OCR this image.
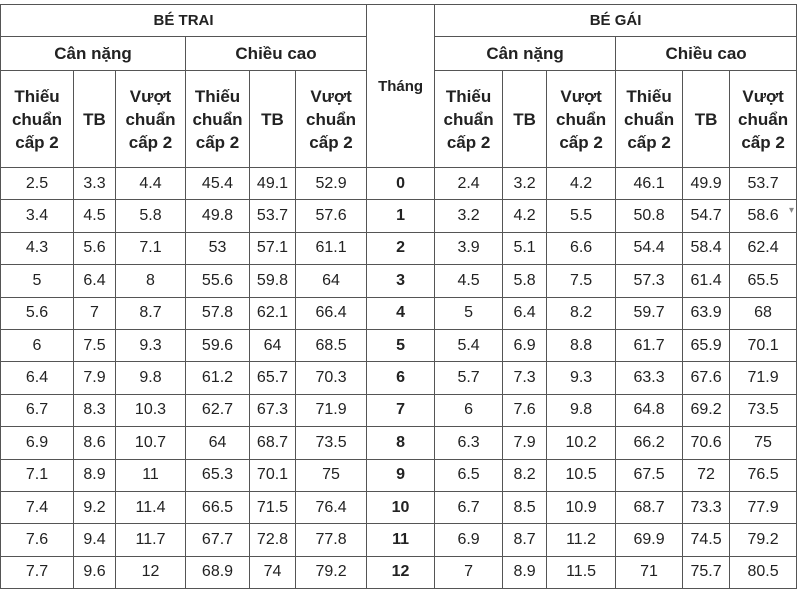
BÉ TRAI						Tháng	BÉ GÁI					
Cân nặng			Chiều cao				Cân nặng			Chiều cao		

Thiếu
chuẩn
cấp 2	TB	Vượt
chuẩn
cấp 2	Thiếu
chuẩn
cấp 2	TB	Vượt
chuẩn
cấp 2		Thiếu
chuẩn
cấp 2	TB	Vượt
chuẩn
cấp 2	Thiếu
chuẩn
cấp 2	TB	Vượt
chuẩn
cấp 2

2.5	3.3	4.4	45.4	49.1	52.9	0	2.4	3.2	4.2	46.1	49.9	53.7
3.4	4.5	5.8	49.8	53.7	57.6	1	3.2	4.2	5.5	50.8	54.7	58.6
4.3	5.6	7.1	53	57.1	61.1	2	3.9	5.1	6.6	54.4	58.4	62.4
5	6.4	8	55.6	59.8	64	3	4.5	5.8	7.5	57.3	61.4	65.5
5.6	7	8.7	57.8	62.1	66.4	4	5	6.4	8.2	59.7	63.9	68
6	7.5	9.3	59.6	64	68.5	5	5.4	6.9	8.8	61.7	65.9	70.1
6.4	7.9	9.8	61.2	65.7	70.3	6	5.7	7.3	9.3	63.3	67.6	71.9
6.7	8.3	10.3	62.7	67.3	71.9	7	6	7.6	9.8	64.8	69.2	73.5
6.9	8.6	10.7	64	68.7	73.5	8	6.3	7.9	10.2	66.2	70.6	75
7.1	8.9	11	65.3	70.1	75	9	6.5	8.2	10.5	67.5	72	76.5
7.4	9.2	11.4	66.5	71.5	76.4	10	6.7	8.5	10.9	68.7	73.3	77.9
7.6	9.4	11.7	67.7	72.8	77.8	11	6.9	8.7	11.2	69.9	74.5	79.2
7.7	9.6	12	68.9	74	79.2	12	7	8.9	11.5	71	75.7	80.5
▾
